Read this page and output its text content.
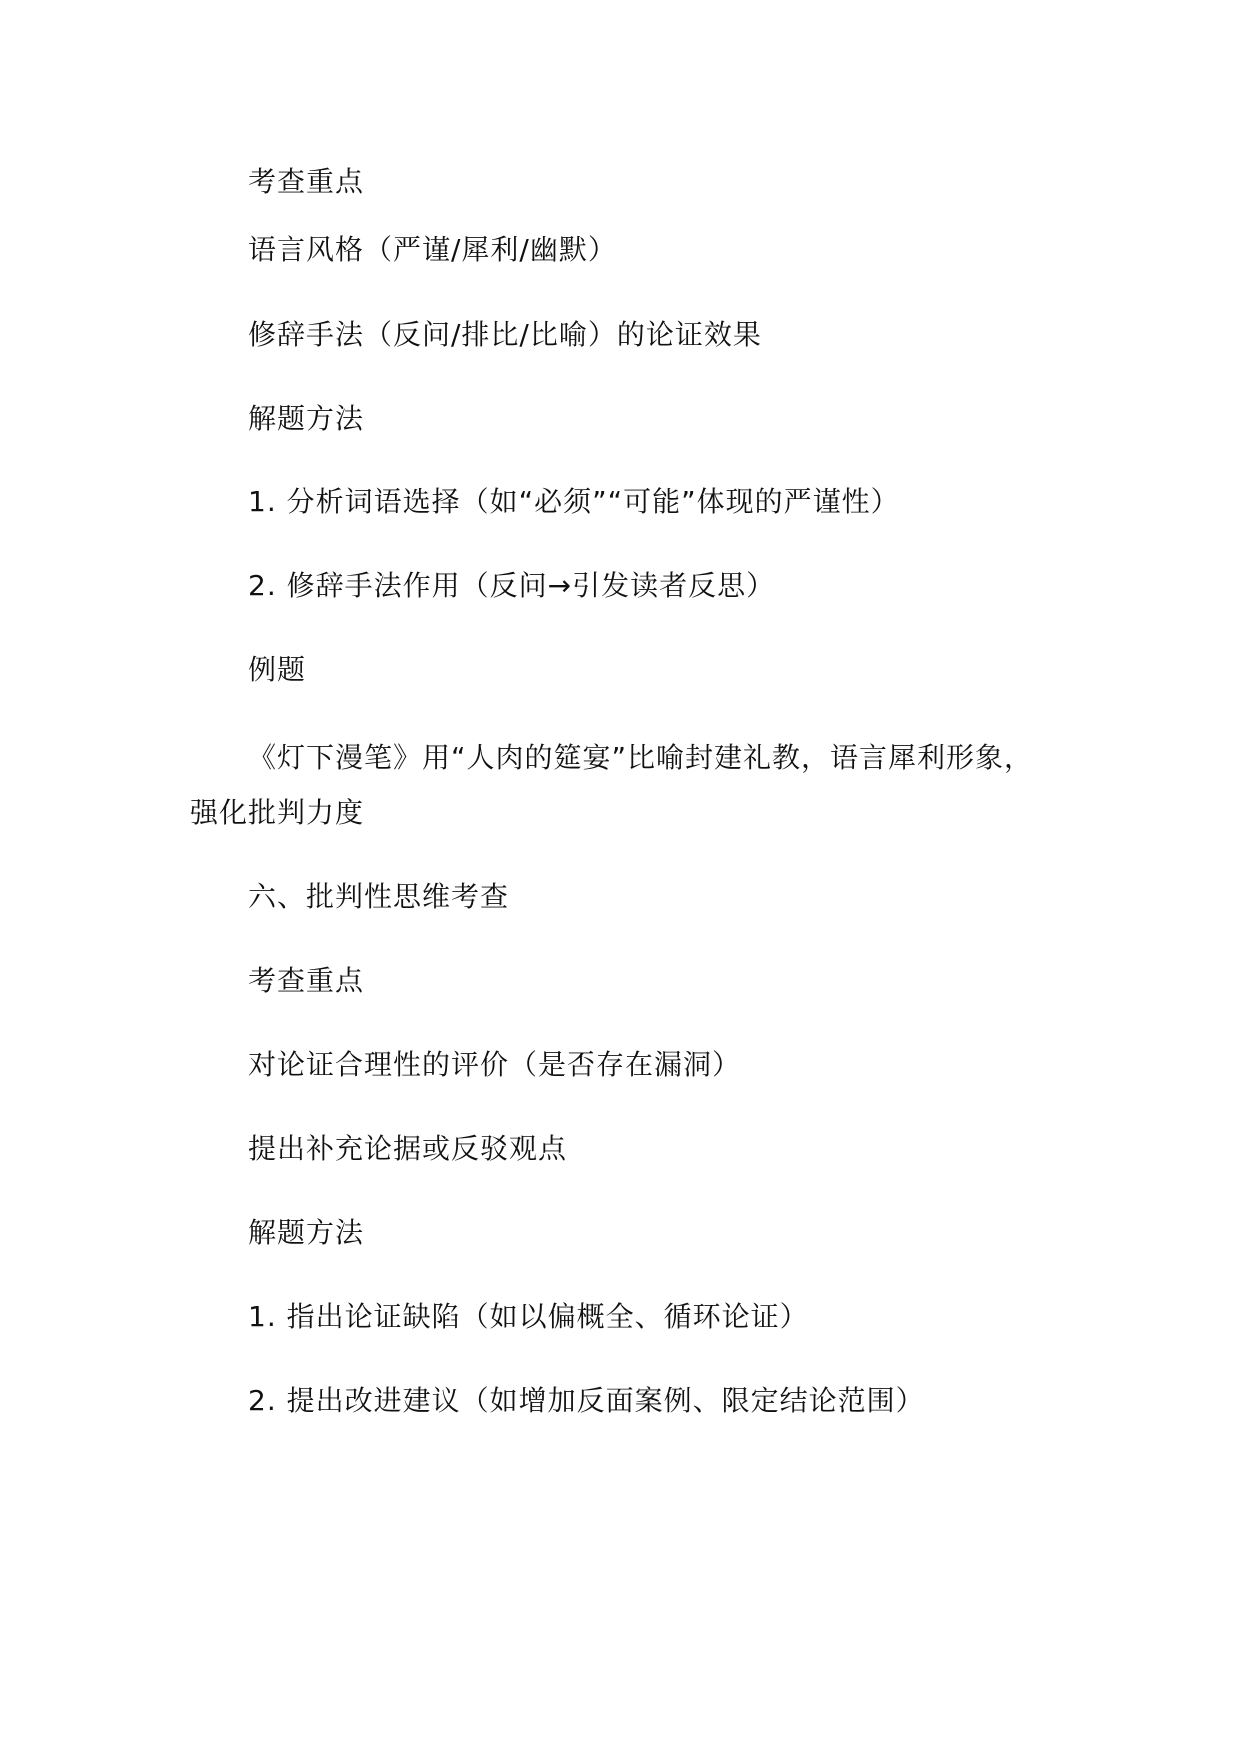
考查重点

语言风格（严谨/犀利/幽默）

修辞手法（反问/排比/比喻）的论证效果

解题方法

1. 分析词语选择（如“必须”“可能”体现的严谨性）

2. 修辞手法作用（反问→引发读者反思）

例题

《灯下漫笔》用“人肉的筵宴”比喻封建礼教，语言犀利形象，强化批判力度

六、批判性思维考查

考查重点

对论证合理性的评价（是否存在漏洞）

提出补充论据或反驳观点

解题方法

1. 指出论证缺陷（如以偏概全、循环论证）

2. 提出改进建议（如增加反面案例、限定结论范围）
